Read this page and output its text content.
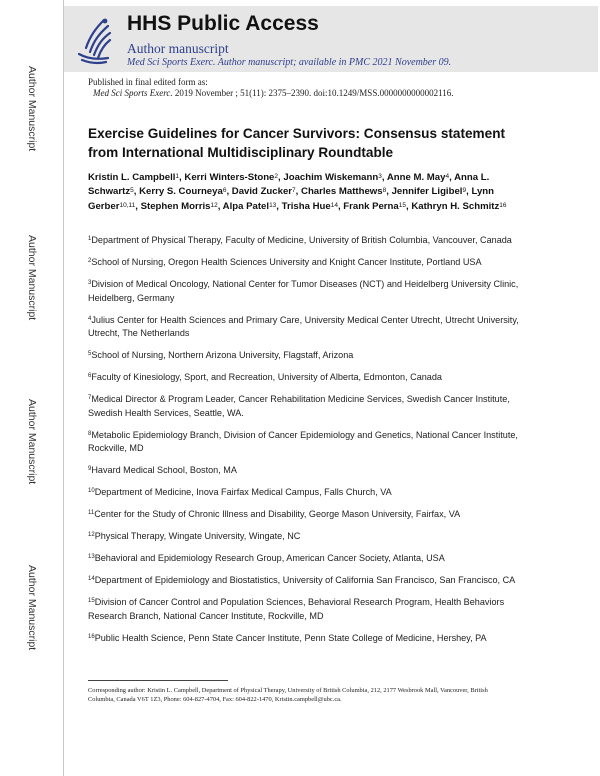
Author Manuscript
Author Manuscript
Author Manuscript
Author Manuscript
HHS Public Access
Author manuscript
Med Sci Sports Exerc. Author manuscript; available in PMC 2021 November 09.
Published in final edited form as:
Med Sci Sports Exerc. 2019 November ; 51(11): 2375–2390. doi:10.1249/MSS.0000000000002116.
Exercise Guidelines for Cancer Survivors: Consensus statement from International Multidisciplinary Roundtable

Kristin L. Campbell$^1$, Kerri Winters-Stone$^2$, Joachim Wiskemann$^3$, Anne M. May$^4$, Anna L. Schwartz$^5$, Kerry S. Courneya$^6$, David Zucker$^7$, Charles Matthews$^8$, Jennifer Ligibel$^9$, Lynn Gerber$^{10,11}$, Stephen Morris$^{12}$, Alpa Patel$^{13}$, Trisha Hue$^{14}$, Frank Perna$^{15}$, Kathryn H. Schmitz$^{16}$

$^1$Department of Physical Therapy, Faculty of Medicine, University of British Columbia, Vancouver, Canada
$^2$School of Nursing, Oregon Health Sciences University and Knight Cancer Institute, Portland USA
$^3$Division of Medical Oncology, National Center for Tumor Diseases (NCT) and Heidelberg University Clinic, Heidelberg, Germany
$^4$Julius Center for Health Sciences and Primary Care, University Medical Center Utrecht, Utrecht University, Utrecht, The Netherlands
$^5$School of Nursing, Northern Arizona University, Flagstaff, Arizona
$^6$Faculty of Kinesiology, Sport, and Recreation, University of Alberta, Edmonton, Canada
$^7$Medical Director & Program Leader, Cancer Rehabilitation Medicine Services, Swedish Cancer Institute, Swedish Health Services, Seattle, WA.
$^8$Metabolic Epidemiology Branch, Division of Cancer Epidemiology and Genetics, National Cancer Institute, Rockville, MD
$^9$Havard Medical School, Boston, MA
$^{10}$Department of Medicine, Inova Fairfax Medical Campus, Falls Church, VA
$^{11}$Center for the Study of Chronic Illness and Disability, George Mason University, Fairfax, VA
$^{12}$Physical Therapy, Wingate University, Wingate, NC
$^{13}$Behavioral and Epidemiology Research Group, American Cancer Society, Atlanta, USA
$^{14}$Department of Epidemiology and Biostatistics, University of California San Francisco, San Francisco, CA
$^{15}$Division of Cancer Control and Population Sciences, Behavioral Research Program, Health Behaviors Research Branch, National Cancer Institute, Rockville, MD
$^{16}$Public Health Science, Penn State Cancer Institute, Penn State College of Medicine, Hershey, PA

Corresponding author: Kristin L. Campbell, Department of Physical Therapy, University of British Columbia, 212, 2177 Wesbrook Mall, Vancouver, British Columbia, Canada V6T 1Z3, Phone: 604-827-4704, Fax: 604-822-1470, Kristin.campbell@ubc.ca.
